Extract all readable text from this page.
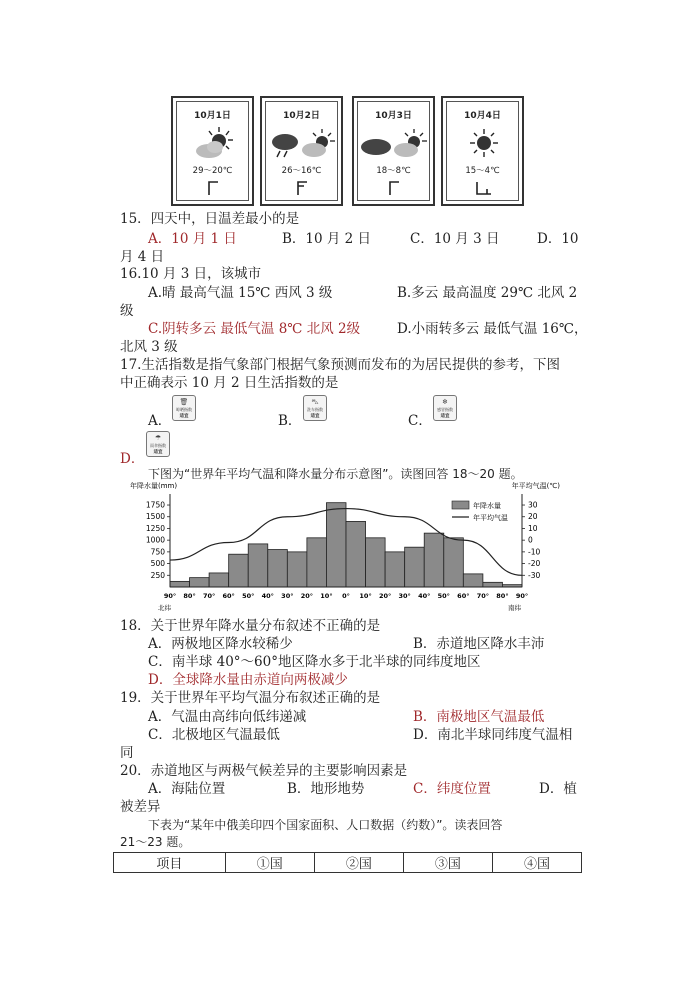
10月1日
29～20℃
10月2日
26～16℃
10月3日
18～8℃
10月4日
15～4℃
15．四天中，日温差最小的是
A．10 月 1 日	B．10 月 2 日	C．10 月 3 日	D．10
月 4 日
16.10 月 3 日，该城市
A.晴 最高气温 15℃ 西风 3 级	B.多云 最高温度 29℃ 北风 2
级
C.阴转多云 最低气温 8℃ 北风 2级	D.小雨转多云 最低气温 16℃，
北风 3 级
17.生活指数是指气象部门根据气象预测而发布的为居民提供的参考，下图
中正确表示 10 月 2 日生活指数的是
A．
🗑
晾晒指数
适宜	B．
⛍
洗车指数
适宜	C．
❄
感冒指数
适宜
☂
雨伞指数
适宜
D．
下图为“世界年平均气温和降水量分布示意图”。读图回答 18～20 题。
年降水量(mm)	年平均气温(℃)
250
500
750
1000
1250
1500
1750	30
20
10
0
-10
-20
-30
90° 80° 70° 60° 50° 40° 30° 20° 10° 0° 10° 20° 30° 40° 50° 60° 70° 80° 90°
北纬	南纬
年降水量
年平均气温
18．关于世界年降水量分布叙述不正确的是
A．两极地区降水较稀少	B．赤道地区降水丰沛
C．南半球 40°～60°地区降水多于北半球的同纬度地区
D．全球降水量由赤道向两极减少
19．关于世界年平均气温分布叙述正确的是
A．气温由高纬向低纬递减	B．南极地区气温最低
C．北极地区气温最低	D．南北半球同纬度气温相
同
20．赤道地区与两极气候差异的主要影响因素是
A．海陆位置	B．地形地势	C．纬度位置	D．植
被差异
下表为“某年中俄美印四个国家面积、人口数据（约数）”。读表回答
21～23 题。
项目	①国	②国	③国	④国
